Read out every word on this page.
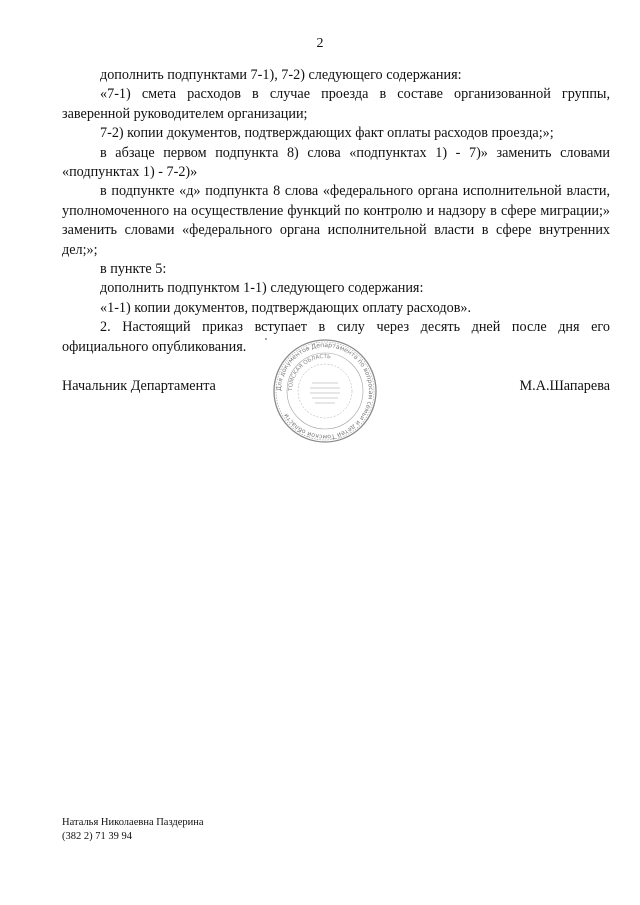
2

дополнить подпунктами 7-1), 7-2) следующего содержания:

«7-1) смета расходов в случае проезда в составе организованной группы, заверенной руководителем организации;

7-2) копии документов, подтверждающих факт оплаты расходов проезда;»;

в абзаце первом подпункта 8) слова «подпунктах 1) - 7)» заменить словами «подпунктах 1) - 7-2)»

в подпункте «д» подпункта 8 слова «федерального органа исполнительной власти, уполномоченного на осуществление функций по контролю и надзору в сфере миграции;» заменить словами «федерального органа исполнительной власти в сфере внутренних дел;»;

в пункте 5:

дополнить подпунктом 1-1) следующего содержания:

«1-1) копии документов, подтверждающих оплату расходов».

2. Настоящий приказ вступает в силу через десять дней после дня его официального опубликования.

Для документов Департамента по вопросам семьи и детей Томской области
ТОМСКАЯ ОБЛАСТЬ
Начальник Департамента	М.А.Шапарева
Наталья Николаевна Паздерина
(382 2) 71 39 94
